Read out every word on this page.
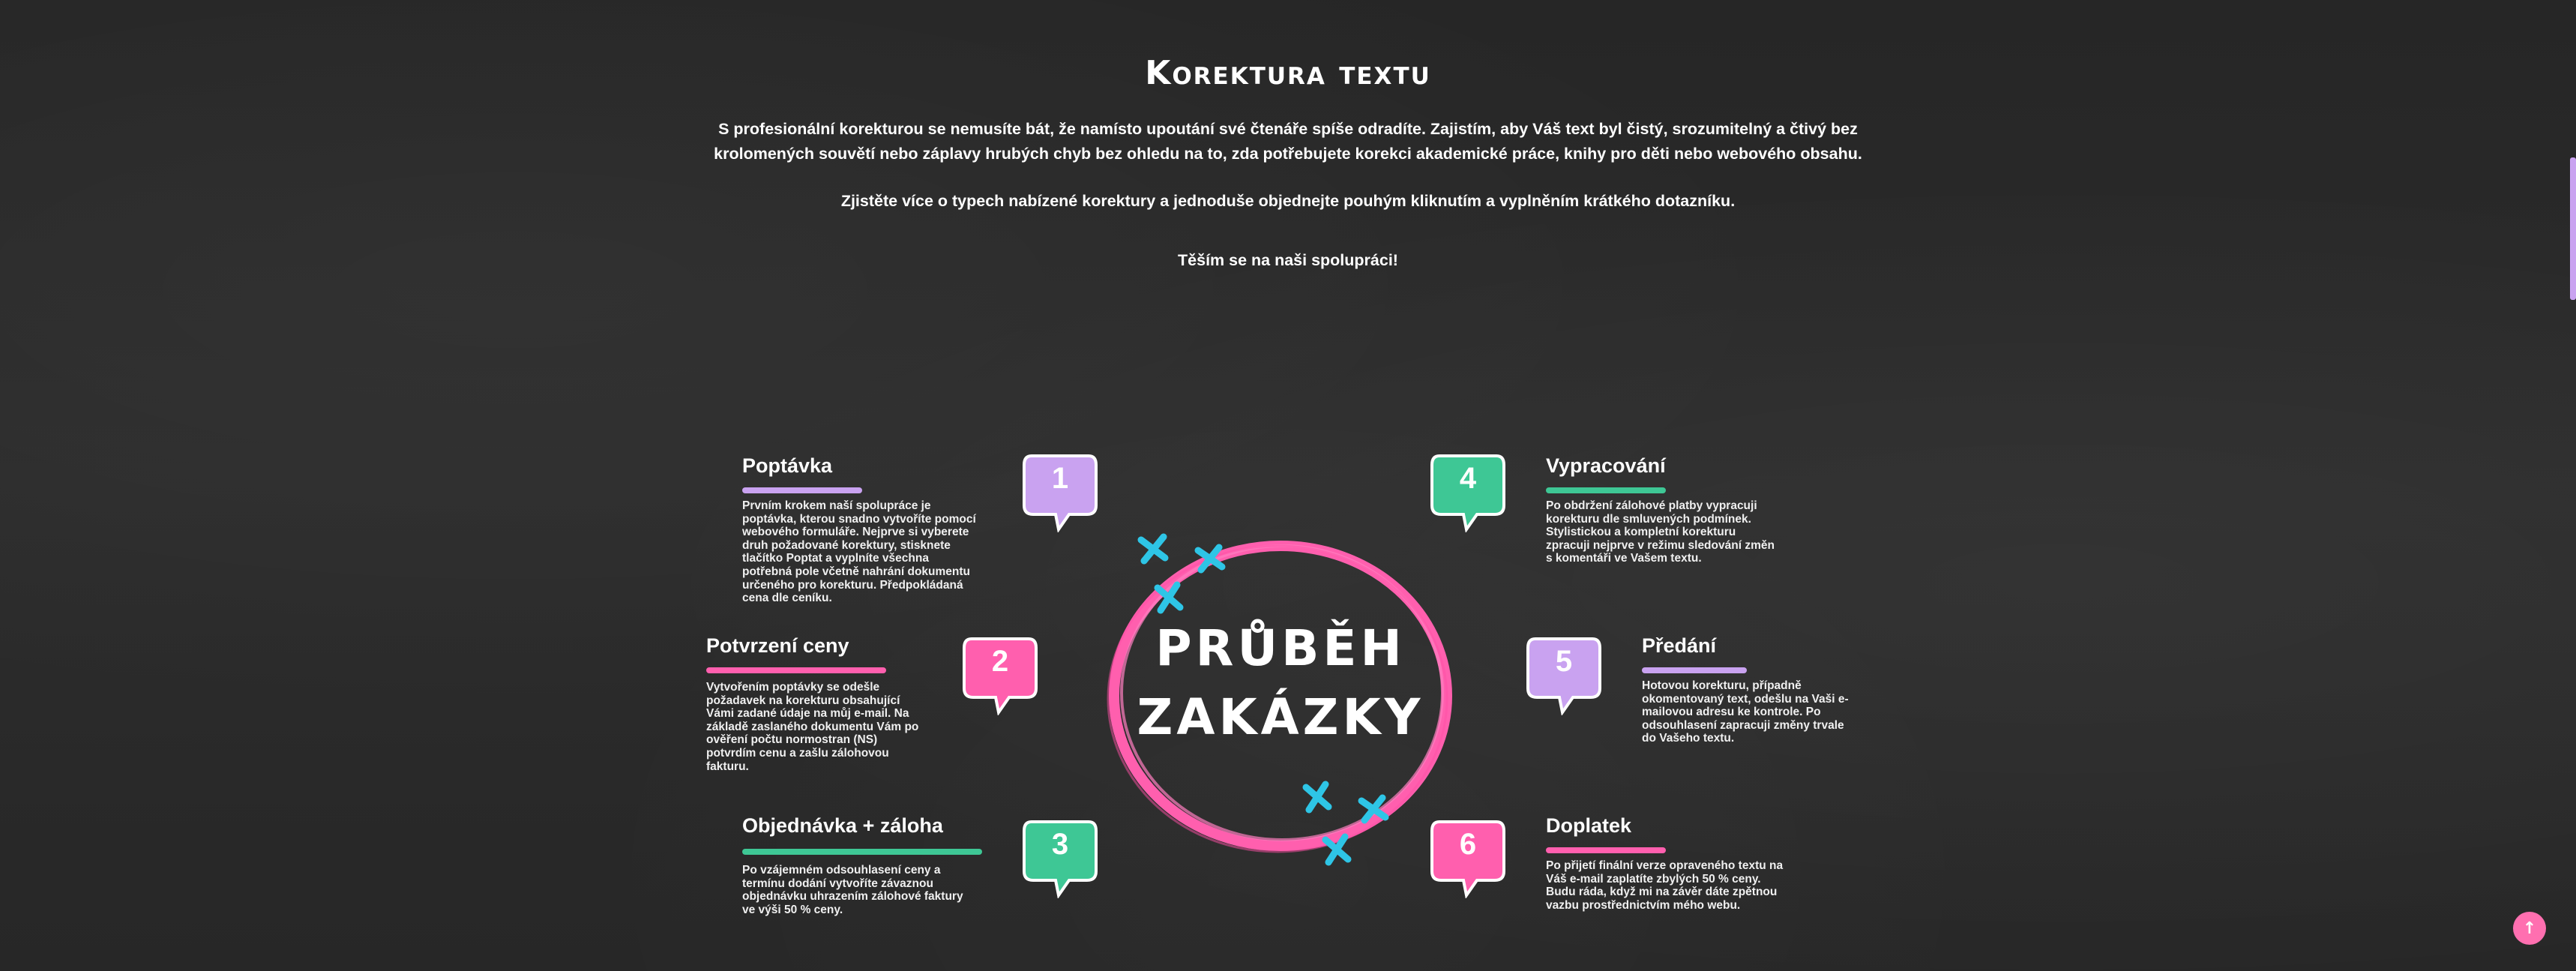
Korektura textu

S profesionální korekturou se nemusíte bát, že namísto upoutání své čtenáře spíše odradíte. Zajistím, aby Váš text byl čistý, srozumitelný a čtivý bez krolomených souvětí nebo záplavy hrubých chyb bez ohledu na to, zda potřebujete korekci akademické práce, knihy pro děti nebo webového obsahu.

Zjistěte více o typech nabízené korektury a jednoduše objednejte pouhým kliknutím a vyplněním krátkého dotazníku.

Těším se na naši spolupráci!

PRŮBĚH
ZAKÁZKY
Poptávka
Prvním krokem naší spolupráce je poptávka, kterou snadno vytvoříte pomocí webového formuláře. Nejprve si vyberete druh požadované korektury, stisknete tlačítko Poptat a vyplníte všechna potřebná pole včetně nahrání dokumentu určeného pro korekturu. Předpokládaná cena dle ceníku.
1
Potvrzení ceny
Vytvořením poptávky se odešle požadavek na korekturu obsahující Vámi zadané údaje na můj e-mail. Na základě zaslaného dokumentu Vám po ověření počtu normostran (NS) potvrdím cenu a zašlu zálohovou fakturu.
2
Objednávka + záloha
Po vzájemném odsouhlasení ceny a termínu dodání vytvoříte závaznou objednávku uhrazením zálohové faktury ve výši 50 % ceny.
3
4	Vypracování
Po obdržení zálohové platby vypracuji korekturu dle smluvených podmínek. Stylistickou a kompletní korekturu zpracuji nejprve v režimu sledování změn s komentáři ve Vašem textu.
5	Předání
Hotovou korekturu, případně okomentovaný text, odešlu na Vaši e-mailovou adresu ke kontrole. Po odsouhlasení zapracuji změny trvale do Vašeho textu.
6
Doplatek
Po přijetí finální verze opraveného textu na Váš e-mail zaplatíte zbylých 50 % ceny. Budu ráda, když mi na závěr dáte zpětnou vazbu prostřednictvím mého webu.
↑
